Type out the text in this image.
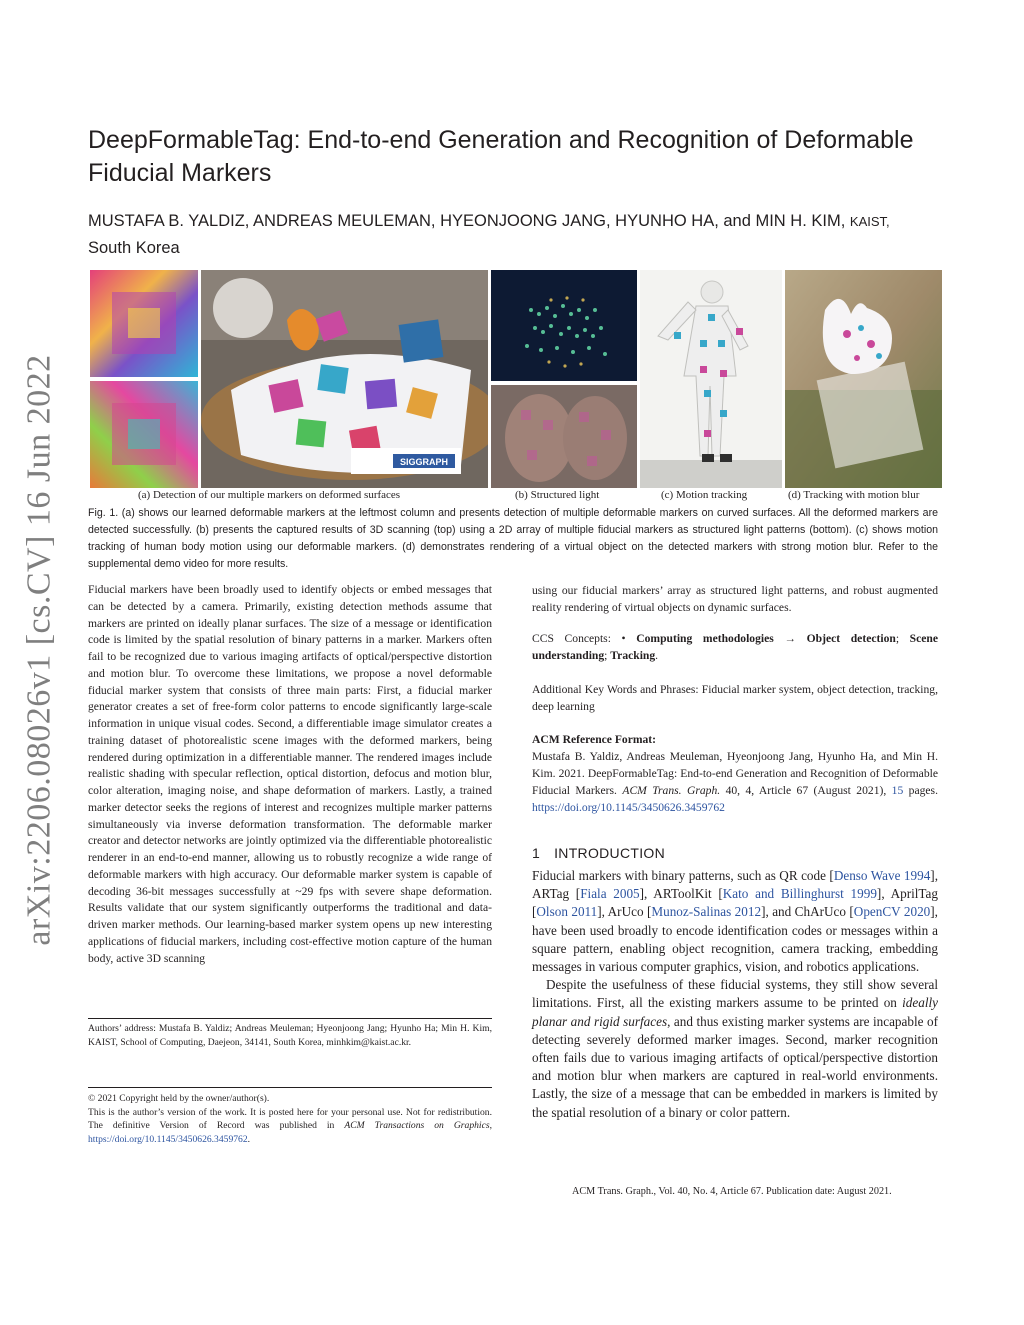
arXiv:2206.08026v1 [cs.CV] 16 Jun 2022
DeepFormableTag: End-to-end Generation and Recognition of Deformable Fiducial Markers
MUSTAFA B. YALDIZ, ANDREAS MEULEMAN, HYEONJOONG JANG, HYUNHO HA, and MIN H. KIM, KAIST,
South Korea
SIGGRAPH
(a) Detection of our multiple markers on deformed surfaces	(b) Structured light	(c) Motion tracking	(d) Tracking with motion blur
Fig. 1. (a) shows our learned deformable markers at the leftmost column and presents detection of multiple deformable markers on curved surfaces. All the deformed markers are detected successfully. (b) presents the captured results of 3D scanning (top) using a 2D array of multiple fiducial markers as structured light patterns (bottom). (c) shows motion tracking of human body motion using our deformable markers. (d) demonstrates rendering of a virtual object on the detected markers with strong motion blur. Refer to the supplemental demo video for more results.

Fiducial markers have been broadly used to identify objects or embed messages that can be detected by a camera. Primarily, existing detection methods assume that markers are printed on ideally planar surfaces. The size of a message or identification code is limited by the spatial resolution of binary patterns in a marker. Markers often fail to be recognized due to various imaging artifacts of optical/perspective distortion and motion blur. To overcome these limitations, we propose a novel deformable fiducial marker system that consists of three main parts: First, a fiducial marker generator creates a set of free-form color patterns to encode significantly large-scale information in unique visual codes. Second, a differentiable image simulator creates a training dataset of photorealistic scene images with the deformed markers, being rendered during optimization in a differentiable manner. The rendered images include realistic shading with specular reflection, optical distortion, defocus and motion blur, color alteration, imaging noise, and shape deformation of markers. Lastly, a trained marker detector seeks the regions of interest and recognizes multiple marker patterns simultaneously via inverse deformation transformation. The deformable marker creator and detector networks are jointly optimized via the differentiable photorealistic renderer in an end-to-end manner, allowing us to robustly recognize a wide range of deformable markers with high accuracy. Our deformable marker system is capable of decoding 36-bit messages successfully at ~29 fps with severe shape deformation. Results validate that our system significantly outperforms the traditional and data-driven marker methods. Our learning-based marker system opens up new interesting applications of fiducial markers, including cost-effective motion capture of the human body, active 3D scanning

using our fiducial markers’ array as structured light patterns, and robust augmented reality rendering of virtual objects on dynamic surfaces.

CCS Concepts: • Computing methodologies → Object detection; Scene understanding; Tracking.

Additional Key Words and Phrases: Fiducial marker system, object detection, tracking, deep learning

ACM Reference Format:

Mustafa B. Yaldiz, Andreas Meuleman, Hyeonjoong Jang, Hyunho Ha, and Min H. Kim. 2021. DeepFormableTag: End-to-end Generation and Recognition of Deformable Fiducial Markers. ACM Trans. Graph. 40, 4, Article 67 (August 2021), 15 pages. https://doi.org/10.1145/3450626.3459762

Authors’ address: Mustafa B. Yaldiz; Andreas Meuleman; Hyeonjoong Jang; Hyunho Ha; Min H. Kim, KAIST, School of Computing, Daejeon, 34141, South Korea, minhkim@kaist.ac.kr.

© 2021 Copyright held by the owner/author(s).

This is the author’s version of the work. It is posted here for your personal use. Not for redistribution. The definitive Version of Record was published in ACM Transactions on Graphics, https://doi.org/10.1145/3450626.3459762.

1 INTRODUCTION

Fiducial markers with binary patterns, such as QR code [Denso Wave 1994], ARTag [Fiala 2005], ARToolKit [Kato and Billinghurst 1999], AprilTag [Olson 2011], ArUco [Munoz-Salinas 2012], and ChArUco [OpenCV 2020], have been used broadly to encode identification codes or messages within a square pattern, enabling object recognition, camera tracking, embedding messages in various computer graphics, vision, and robotics applications.

Despite the usefulness of these fiducial systems, they still show several limitations. First, all the existing markers assume to be printed on ideally planar and rigid surfaces, and thus existing marker systems are incapable of detecting severely deformed marker images. Second, marker recognition often fails due to various imaging artifacts of optical/perspective distortion and motion blur when markers are captured in real-world environments. Lastly, the size of a message that can be embedded in markers is limited by the spatial resolution of a binary or color pattern.

ACM Trans. Graph., Vol. 40, No. 4, Article 67. Publication date: August 2021.
